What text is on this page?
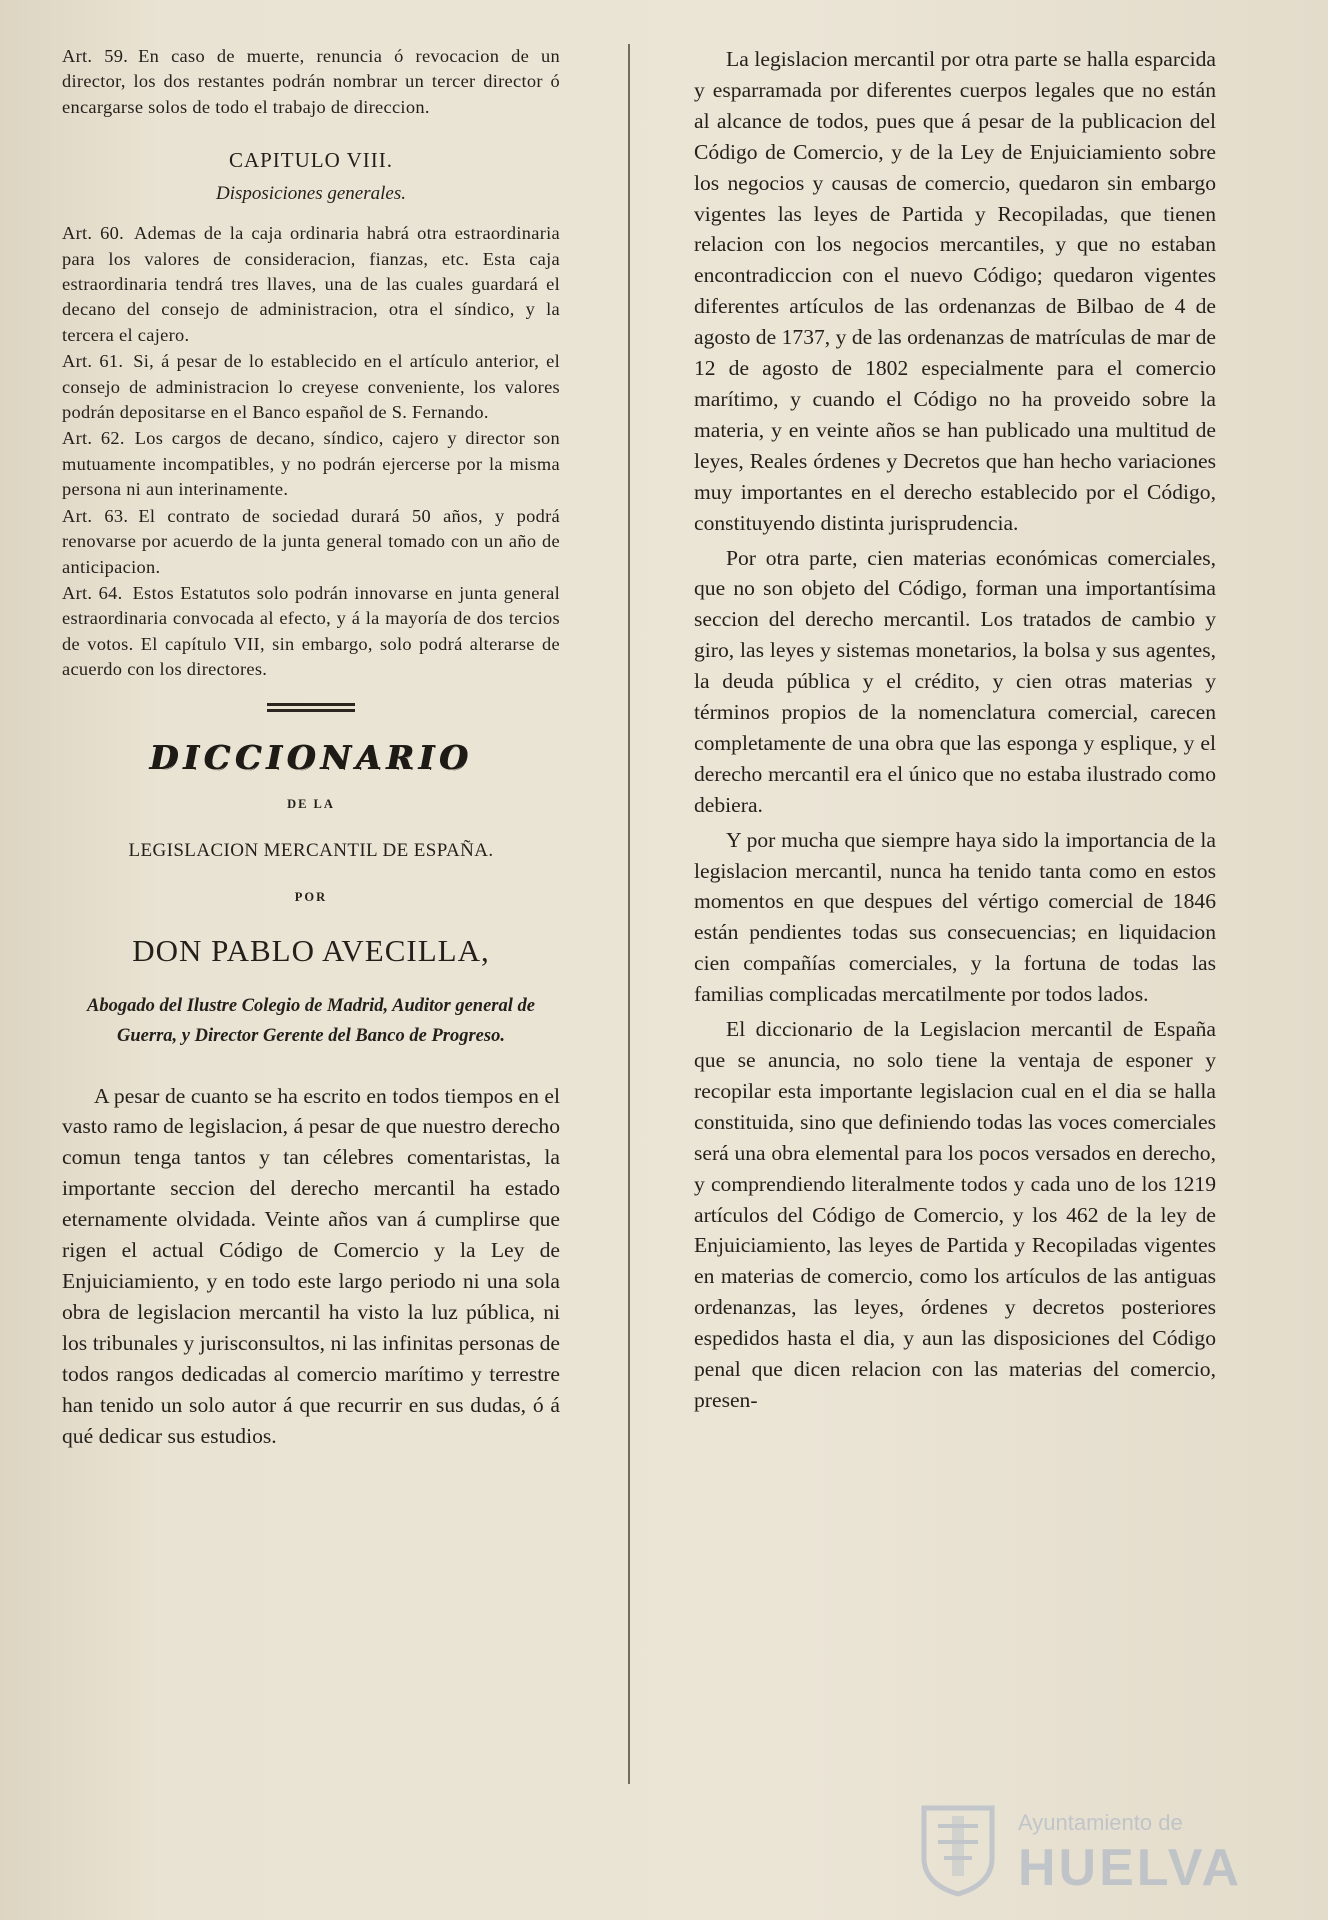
Art. 59. En caso de muerte, renuncia ó revocacion de un director, los dos restantes podrán nombrar un tercer director ó encargarse solos de todo el trabajo de direccion.

CAPITULO VIII.
Disposiciones generales.

Art. 60. Ademas de la caja ordinaria habrá otra estraordinaria para los valores de consideracion, fianzas, etc. Esta caja estraordinaria tendrá tres llaves, una de las cuales guardará el decano del consejo de administracion, otra el síndico, y la tercera el cajero.

Art. 61. Si, á pesar de lo establecido en el artículo anterior, el consejo de administracion lo creyese conveniente, los valores podrán depositarse en el Banco español de S. Fernando.

Art. 62. Los cargos de decano, síndico, cajero y director son mutuamente incompatibles, y no podrán ejercerse por la misma persona ni aun interinamente.

Art. 63. El contrato de sociedad durará 50 años, y podrá renovarse por acuerdo de la junta general tomado con un año de anticipacion.

Art. 64. Estos Estatutos solo podrán innovarse en junta general estraordinaria convocada al efecto, y á la mayoría de dos tercios de votos. El capítulo VII, sin embargo, solo podrá alterarse de acuerdo con los directores.

DICCIONARIO
DE LA
LEGISLACION MERCANTIL DE ESPAÑA.
POR
DON PABLO AVECILLA,
Abogado del Ilustre Colegio de Madrid, Auditor general de Guerra, y Director Gerente del Banco de Progreso.

A pesar de cuanto se ha escrito en todos tiempos en el vasto ramo de legislacion, á pesar de que nuestro derecho comun tenga tantos y tan célebres comentaristas, la importante seccion del derecho mercantil ha estado eternamente olvidada. Veinte años van á cumplirse que rigen el actual Código de Comercio y la Ley de Enjuiciamiento, y en todo este largo periodo ni una sola obra de legislacion mercantil ha visto la luz pública, ni los tribunales y jurisconsultos, ni las infinitas personas de todos rangos dedicadas al comercio marítimo y terrestre han tenido un solo autor á que recurrir en sus dudas, ó á qué dedicar sus estudios.

La legislacion mercantil por otra parte se halla esparcida y esparramada por diferentes cuerpos legales que no están al alcance de todos, pues que á pesar de la publicacion del Código de Comercio, y de la Ley de Enjuiciamiento sobre los negocios y causas de comercio, quedaron sin embargo vigentes las leyes de Partida y Recopiladas, que tienen relacion con los negocios mercantiles, y que no estaban encontradiccion con el nuevo Código; quedaron vigentes diferentes artículos de las ordenanzas de Bilbao de 4 de agosto de 1737, y de las ordenanzas de matrículas de mar de 12 de agosto de 1802 especialmente para el comercio marítimo, y cuando el Código no ha proveido sobre la materia, y en veinte años se han publicado una multitud de leyes, Reales órdenes y Decretos que han hecho variaciones muy importantes en el derecho establecido por el Código, constituyendo distinta jurisprudencia.

Por otra parte, cien materias económicas comerciales, que no son objeto del Código, forman una importantísima seccion del derecho mercantil. Los tratados de cambio y giro, las leyes y sistemas monetarios, la bolsa y sus agentes, la deuda pública y el crédito, y cien otras materias y términos propios de la nomenclatura comercial, carecen completamente de una obra que las esponga y esplique, y el derecho mercantil era el único que no estaba ilustrado como debiera.

Y por mucha que siempre haya sido la importancia de la legislacion mercantil, nunca ha tenido tanta como en estos momentos en que despues del vértigo comercial de 1846 están pendientes todas sus consecuencias; en liquidacion cien compañías comerciales, y la fortuna de todas las familias complicadas mercatilmente por todos lados.

El diccionario de la Legislacion mercantil de España que se anuncia, no solo tiene la ventaja de esponer y recopilar esta importante legislacion cual en el dia se halla constituida, sino que definiendo todas las voces comerciales será una obra elemental para los pocos versados en derecho, y comprendiendo literalmente todos y cada uno de los 1219 artículos del Código de Comercio, y los 462 de la ley de Enjuiciamiento, las leyes de Partida y Recopiladas vigentes en materias de comercio, como los artículos de las antiguas ordenanzas, las leyes, órdenes y decretos posteriores espedidos hasta el dia, y aun las disposiciones del Código penal que dicen relacion con las materias del comercio, presen-

Ayuntamiento de
HUELVA
